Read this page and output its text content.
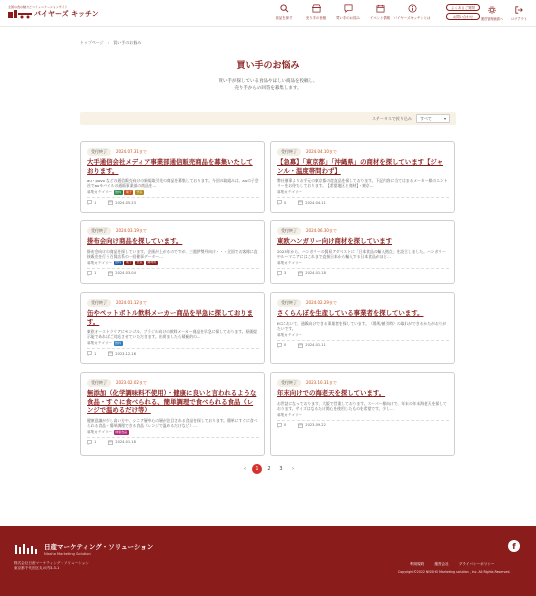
全国の食の魅力とコミュニケーションサイト
バイヤーズ キッチン	食品を探す	売り手の皆様	買い手のお悩み	イベント情報 バイヤーズキッチンとは
よくあるご質問
お問い合わせ	運営管理画面へ ログアウト
トップページ › 買い手のお悩み
買い手のお悩み
買い手が探している食品やほしい商品を投稿し、
売り手からの回答を募集します。
ステータスで絞り込み	すべて	▾
受付終了	2024.07.31まで
大手通信会社メディア事業部通信販売商品を募集いたしております。
au・povo などの通信販売向けの新規取引先の商品を募集しております。今回の取組みは、auの子会社でauモバイルの通販事業部の商品を…
募集カテゴリー	飲料	菓子	惣菜
1	2024.05.23
受付終了	2024.04.10まで
【急募】「東京都」「沖縄県」の商材を探しています【ジャンル・温度帯問わず】
弊社催事よりお手元の東京都の産直品を探しております。下記内容に当てはまるメーカー様のエントリーをお待ちしております。【希望地区と商材】・東京…
募集カテゴリー
0	2024.04.11
受付終了	2024.03.19まで
掛布会向け商品を探しています。
掛布会向けの商品を探しています。企画が上がるのですが、三越伊勢丹向け・・・全国でお客様に直接販売を行う百貨店系の一回催事データー…
募集カテゴリー	飲料	菓子	惣菜	調味料
1	2024.03.04
受付終了	2024.06.30まで
東欧ハンガリー向け商材を探しています
2023年から、ハンガリーの貿易アダベストに「日本食品の輸入拠点」を設立しました。ハンガリーやルーマニアにはこれまで直接日本から輸入する日本食品がほと…
募集カテゴリー
3	2024.01.18
受付終了	2024.01.12まで
缶やペットボトル飲料メーカー商品を早急に探しております。
東欧オーストラリアにモンゴル、ブラジル向けの飲料メーカー商品を早急に探しております。原価提示能であればご対応させていただきます。出荷ましたら積極的の…
募集カテゴリー	飲料
1	2023.12.18
受付終了	2024.02.29まで
さくらんぼを生産している事業者を探しています。
ECにおいて、通販向けできる事業者を探しています。（場所/値引時）の取れができるかたがおりがたいです。
募集カテゴリー
0	2024.01.11
受付終了	2023.02.02まで
無添加（化学調味料不使用）・健康に良いと言われるような食品・すぐに食べられる、簡単調理で食べられる食品（レンジで温めるだけ等）
健康意識が少し高い方や、シニア層中心の層が注目される食品を探しております。簡単にすぐに食べられる食品・簡単調理できる食品（レンジで温めるだけなど）…
募集カテゴリー	健康食品
1	2024.01.18
受付終了	2023.10.31まで
年末向けでの海老天を探しています。
お世話になっております、大阪で営業しております。スーパー様向けで、年末の年末海老天を探しております。サイズはなるたけ関心を使用したものを希望です。少し…
募集カテゴリー
0	2023.09.22
‹	1	2	3	›
日産マーケティング・ソリューション
Nissho Marketing Solution
株式会社日産マーケティング・ソリューション
東京都千代田区丸の内3-3-1
f
利用規約	運営会社	プライバシーポリシー
Copyright©2022 NISSHO Marketing solution , Inc. All Rights Reserved.
